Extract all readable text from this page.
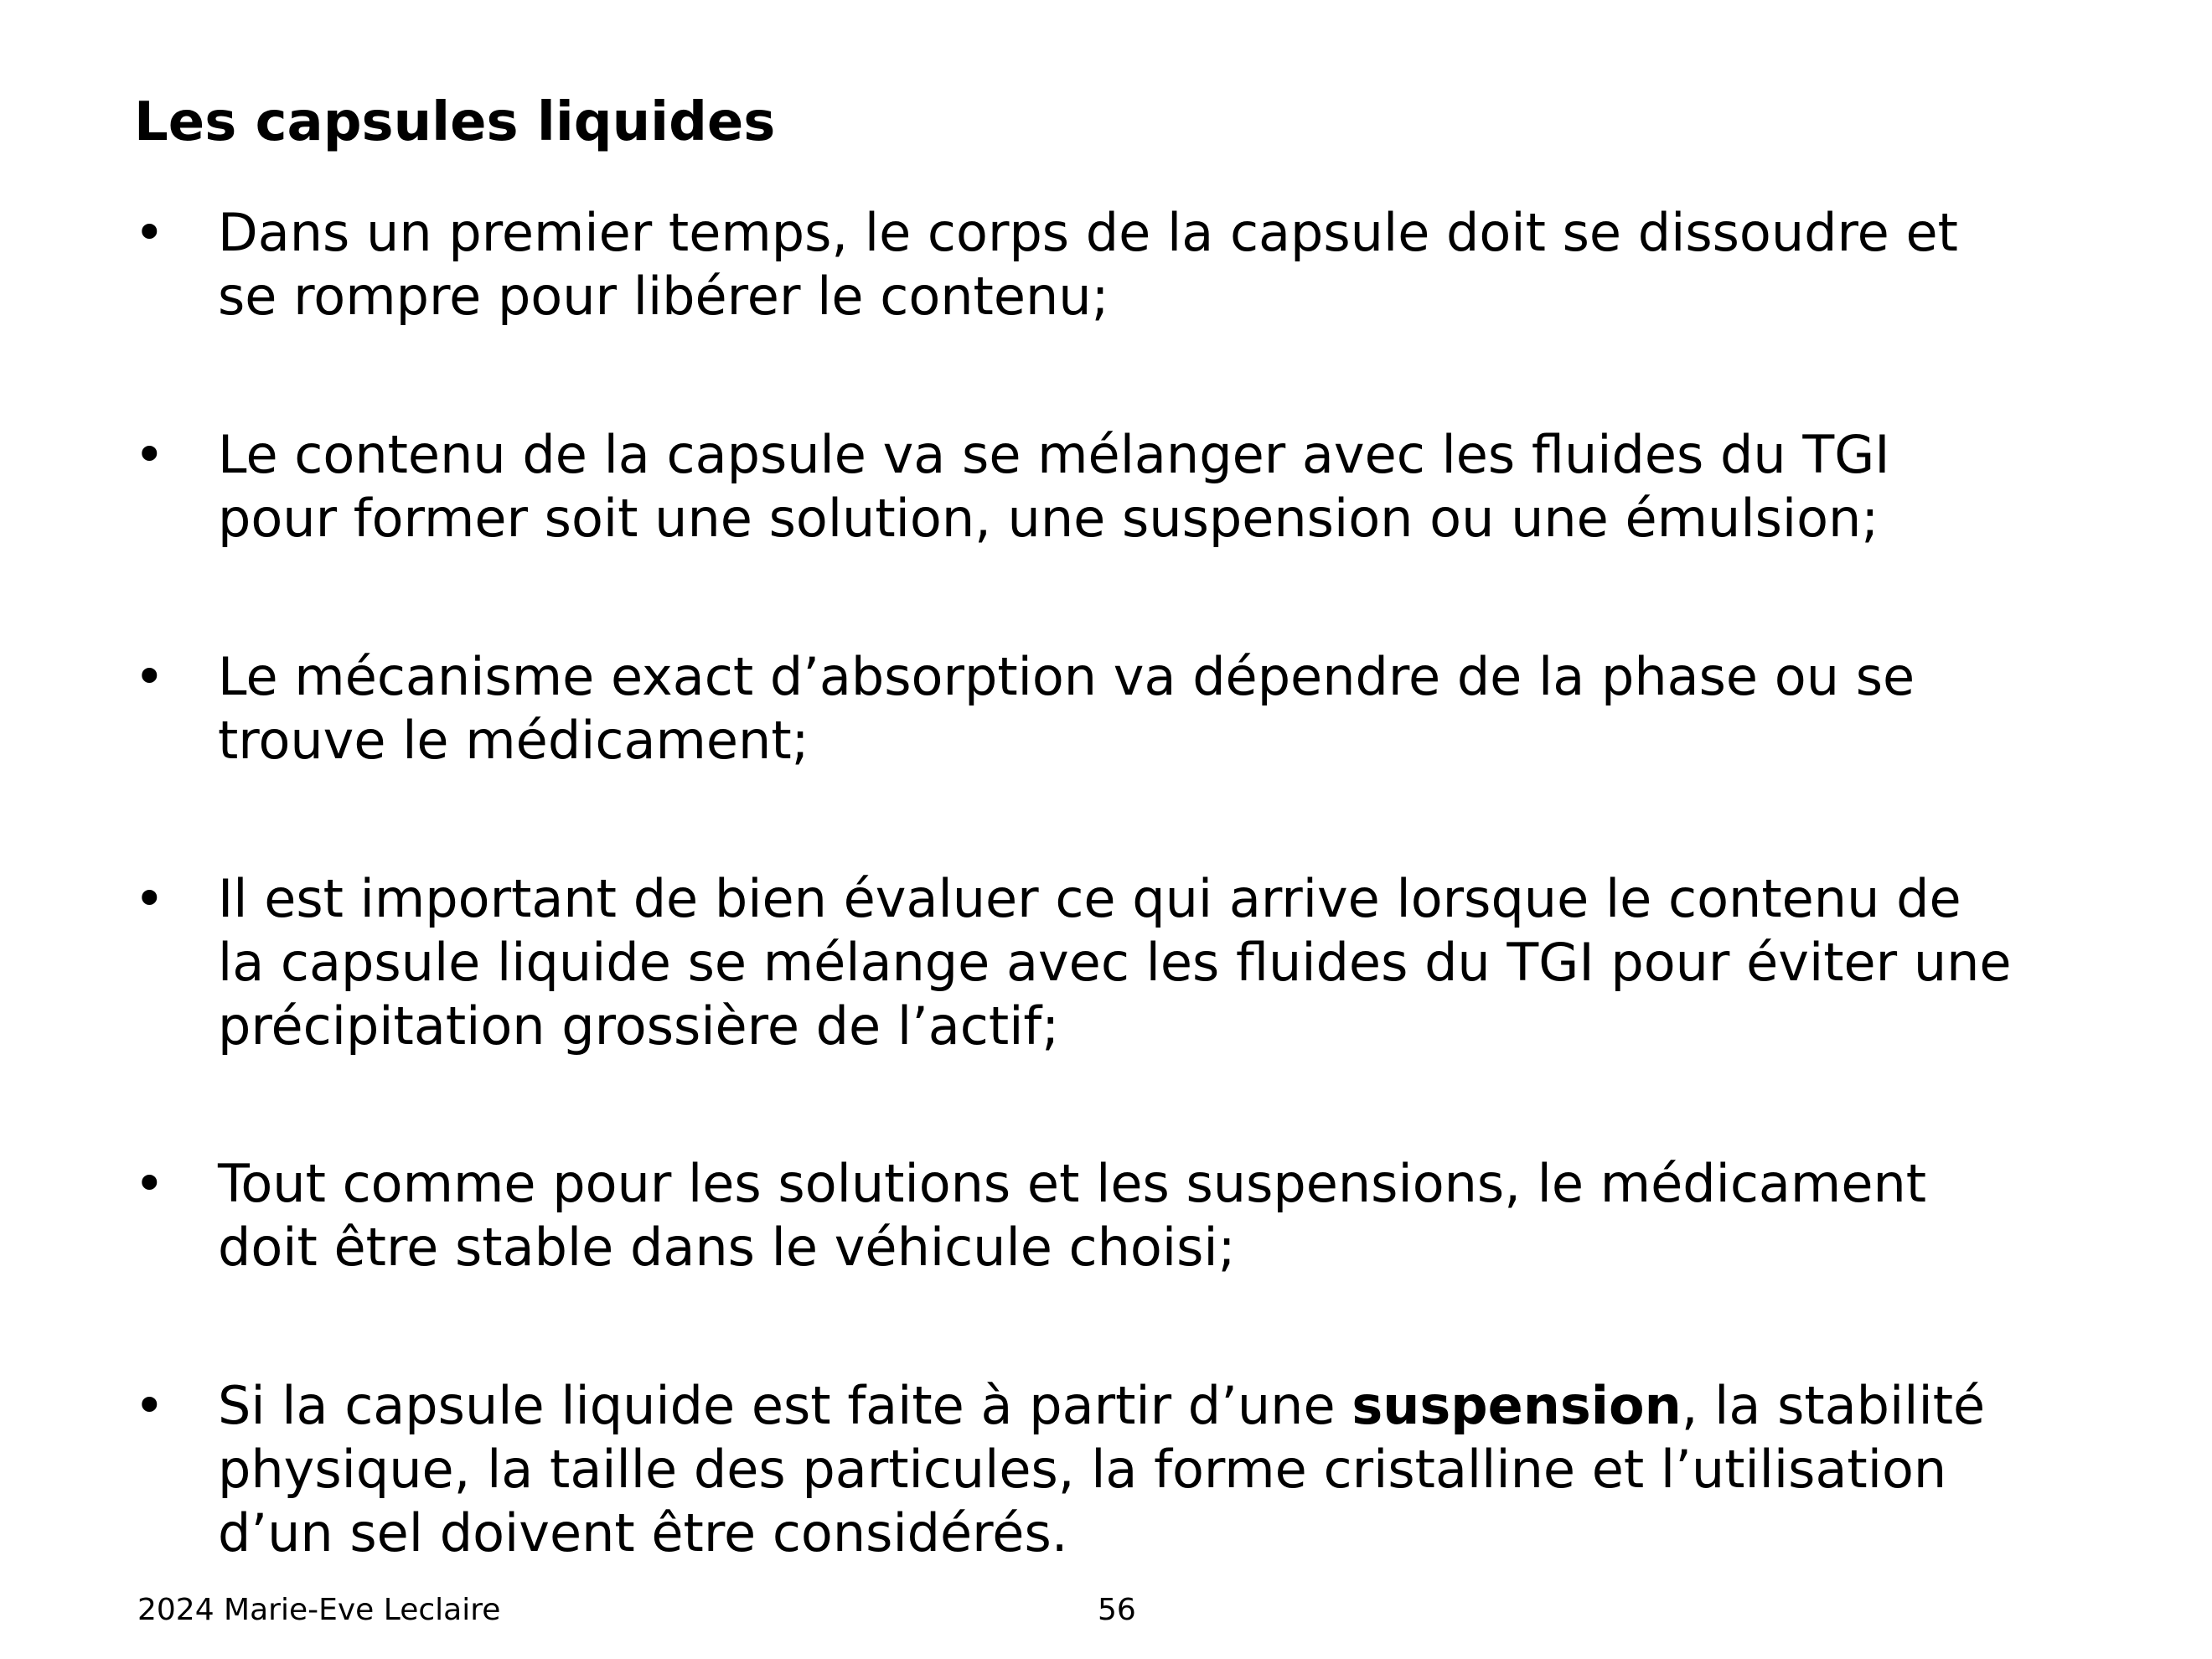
Les capsules liquides
• Dans un premier temps, le corps de la capsule doit se dissoudre et
se rompre pour libérer le contenu;
• Le contenu de la capsule va se mélanger avec les fluides du TGI
pour former soit une solution, une suspension ou une émulsion;
• Le mécanisme exact d’absorption va dépendre de la phase ou se
trouve le médicament;
• Il est important de bien évaluer ce qui arrive lorsque le contenu de
la capsule liquide se mélange avec les fluides du TGI pour éviter une
précipitation grossière de l’actif;
• Tout comme pour les solutions et les suspensions, le médicament
doit être stable dans le véhicule choisi;
• Si la capsule liquide est faite à partir d’une suspension, la stabilité
physique, la taille des particules, la forme cristalline et l’utilisation
d’un sel doivent être considérés.
2024 Marie-Eve Leclaire	56
